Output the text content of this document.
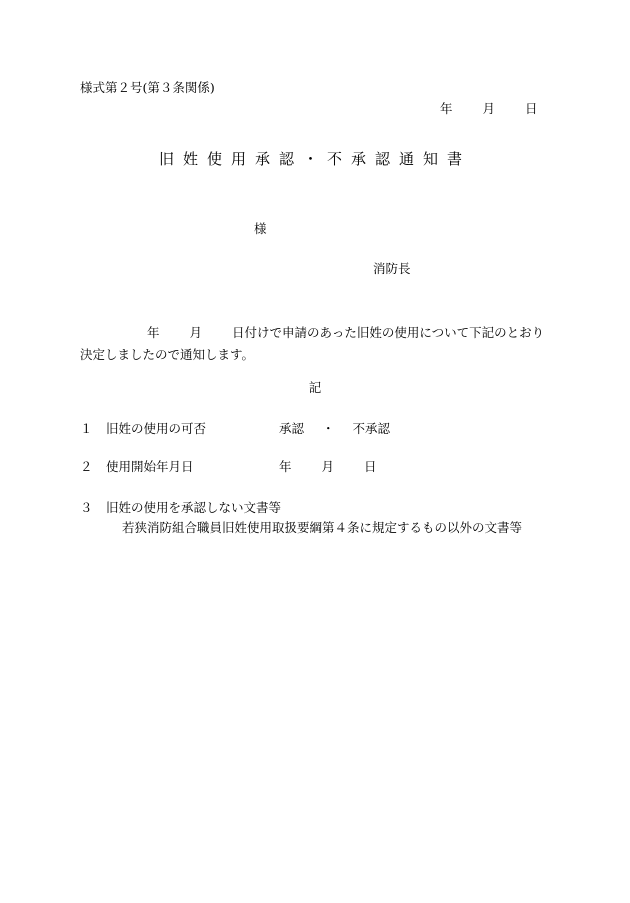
様式第２号(第３条関係)
年 月 日
旧姓使用承認・不承認通知書
様
消防長
年 月 日付けで申請のあった旧姓の使用について下記のとおり決定しましたので通知します。
記
１ 旧姓の使用の可否	承認 ・ 不承認
２ 使用開始年月日	年 月 日
３ 旧姓の使用を承認しない文書等
若狭消防組合職員旧姓使用取扱要綱第４条に規定するもの以外の文書等
